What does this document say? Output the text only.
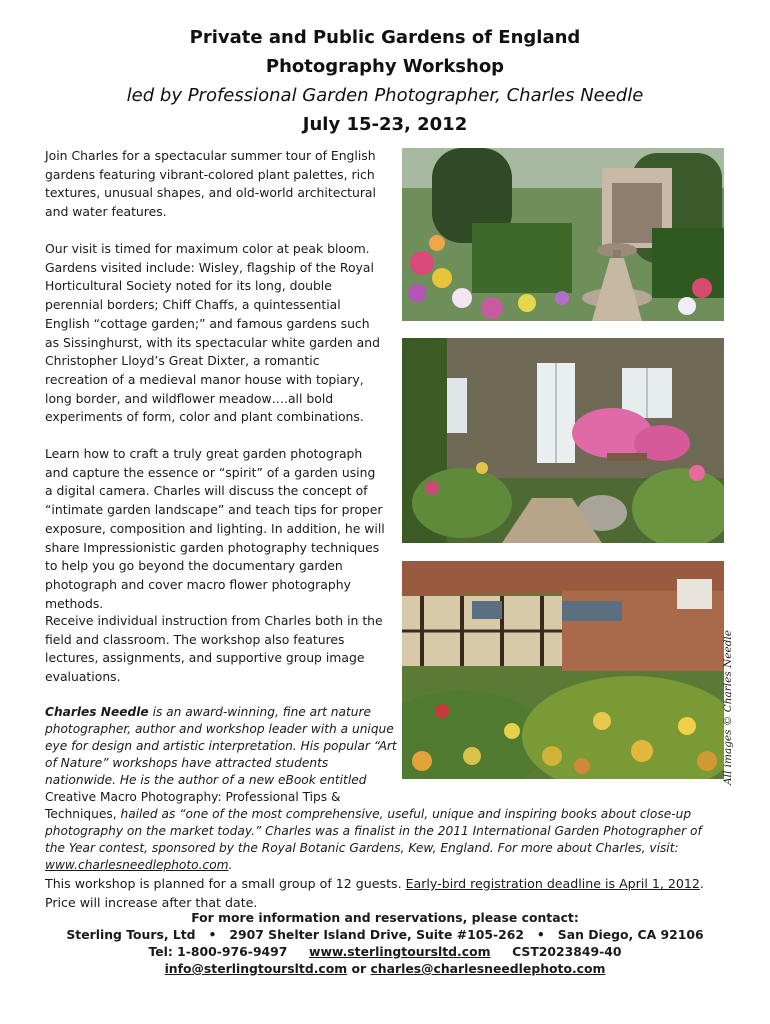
Private and Public Gardens of England
Photography Workshop
led by Professional Garden Photographer, Charles Needle
July 15-23, 2012

Join Charles for a spectacular summer tour of English gardens featuring vibrant-colored plant palettes, rich textures, unusual shapes, and old-world architectural and water features.

Our visit is timed for maximum color at peak bloom. Gardens visited include: Wisley, flagship of the Royal Horticultural Society noted for its long, double perennial borders; Chiff Chaffs, a quintessential English “cottage garden;” and famous gardens such as Sissinghurst, with its spectacular white garden and Christopher Lloyd’s Great Dixter, a romantic recreation of a medieval manor house with topiary, long border, and wildflower meadow….all bold experiments of form, color and plant combinations.

Learn how to craft a truly great garden photograph and capture the essence or “spirit” of a garden using a digital camera. Charles will discuss the concept of “intimate garden landscape” and teach tips for proper exposure, composition and lighting. In addition, he will share Impressionistic garden photography techniques to help you go beyond the documentary garden photograph and cover macro flower photography methods.

Receive individual instruction from Charles both in the field and classroom. The workshop also features lectures, assignments, and supportive group image evaluations.	All images © Charles Needle

Charles Needle is an award-winning, fine art nature photographer, author and workshop leader with a unique eye for design and artistic interpretation. His popular “Art of Nature” workshops have attracted students nationwide. He is the author of a new eBook entitled Creative Macro Photography: Professional Tips & Techniques, hailed as “one of the most comprehensive, useful, unique and inspiring books about close-up photography on the market today.” Charles was a finalist in the 2011 International Garden Photographer of the Year contest, sponsored by the Royal Botanic Gardens, Kew, England. For more about Charles, visit: www.charlesneedlephoto.com.

This workshop is planned for a small group of 12 guests. Early-bird registration deadline is April 1, 2012. Price will increase after that date.
For more information and reservations, please contact:
Sterling Tours, Ltd • 2907 Shelter Island Drive, Suite #105-262 • San Diego, CA 92106
Tel: 1-800-976-9497 www.sterlingtoursltd.com CST2023849-40
info@sterlingtoursltd.com or charles@charlesneedlephoto.com
